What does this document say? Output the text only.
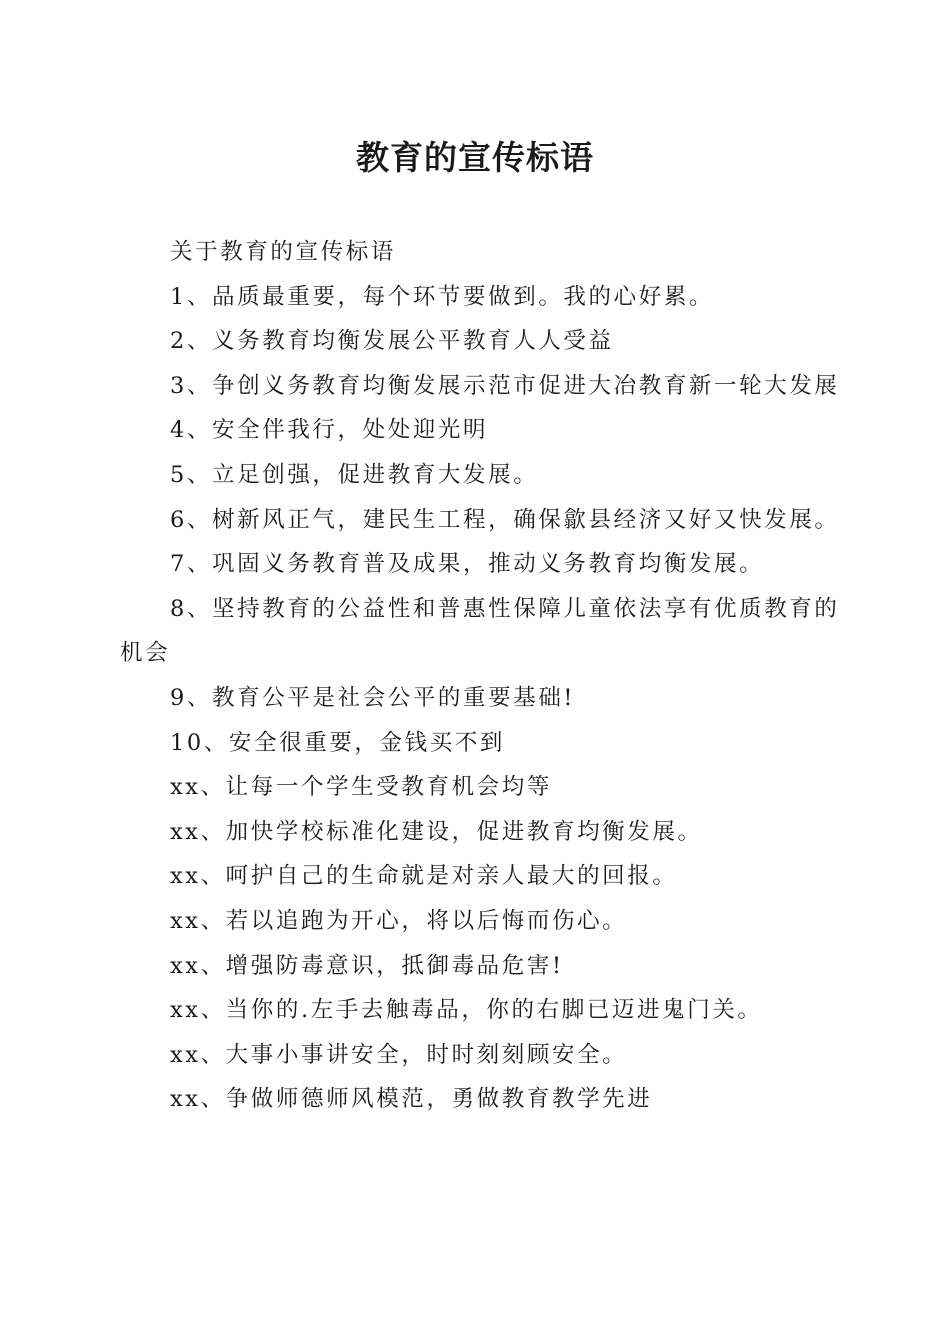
教育的宣传标语

关于教育的宣传标语

1、品质最重要，每个环节要做到。我的心好累。

2、义务教育均衡发展公平教育人人受益

3、争创义务教育均衡发展示范市促进大冶教育新一轮大发展

4、安全伴我行，处处迎光明

5、立足创强，促进教育大发展。

6、树新风正气，建民生工程，确保歙县经济又好又快发展。

7、巩固义务教育普及成果，推动义务教育均衡发展。

8、坚持教育的公益性和普惠性保障儿童依法享有优质教育的机会

9、教育公平是社会公平的重要基础!

10、安全很重要，金钱买不到

xx、让每一个学生受教育机会均等

xx、加快学校标准化建设，促进教育均衡发展。

xx、呵护自己的生命就是对亲人最大的回报。

xx、若以追跑为开心，将以后悔而伤心。

xx、增强防毒意识，抵御毒品危害!

xx、当你的.左手去触毒品，你的右脚已迈进鬼门关。

xx、大事小事讲安全，时时刻刻顾安全。

xx、争做师德师风模范，勇做教育教学先进
